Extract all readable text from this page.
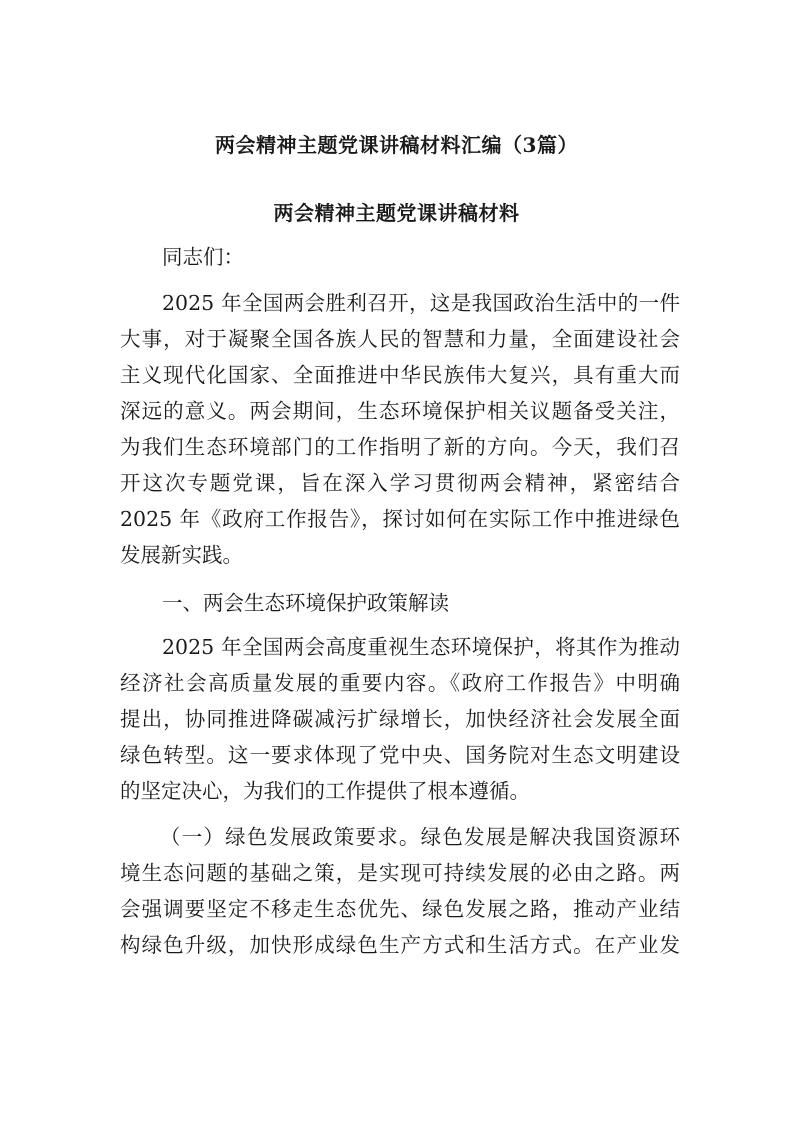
两会精神主题党课讲稿材料汇编（3篇）
两会精神主题党课讲稿材料
同志们：
2025 年全国两会胜利召开，这是我国政治生活中的一件
大事，对于凝聚全国各族人民的智慧和力量，全面建设社会
主义现代化国家、全面推进中华民族伟大复兴，具有重大而
深远的意义。两会期间，生态环境保护相关议题备受关注，
为我们生态环境部门的工作指明了新的方向。今天，我们召
开这次专题党课，旨在深入学习贯彻两会精神，紧密结合
2025 年《政府工作报告》，探讨如何在实际工作中推进绿色
发展新实践。
一、两会生态环境保护政策解读
2025 年全国两会高度重视生态环境保护，将其作为推动
经济社会高质量发展的重要内容。《政府工作报告》中明确
提出，协同推进降碳减污扩绿增长，加快经济社会发展全面
绿色转型。这一要求体现了党中央、国务院对生态文明建设
的坚定决心，为我们的工作提供了根本遵循。
（一）绿色发展政策要求。绿色发展是解决我国资源环
境生态问题的基础之策，是实现可持续发展的必由之路。两
会强调要坚定不移走生态优先、绿色发展之路，推动产业结
构绿色升级，加快形成绿色生产方式和生活方式。在产业发
